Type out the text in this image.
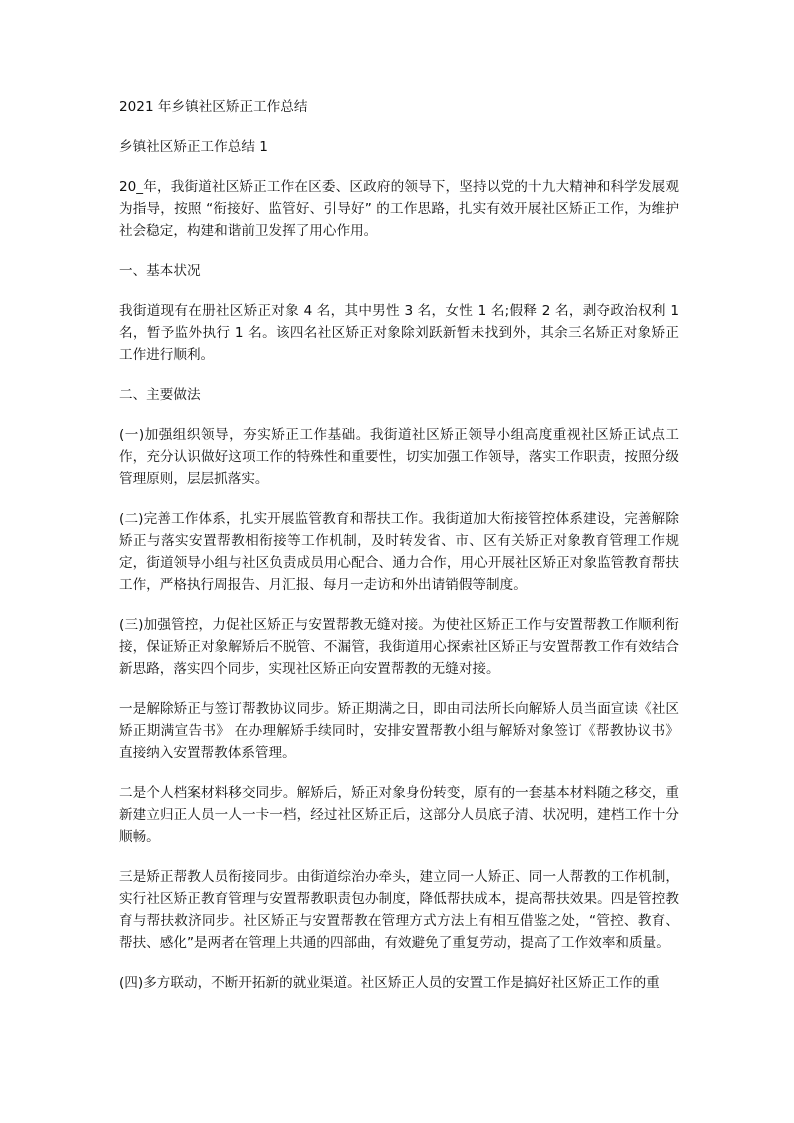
2021 年乡镇社区矫正工作总结

乡镇社区矫正工作总结 1

20_年，我街道社区矫正工作在区委、区政府的领导下，坚持以党的十九大精神和科学发展观为指导，按照 “衔接好、监管好、引导好” 的工作思路，扎实有效开展社区矫正工作，为维护社会稳定，构建和谐前卫发挥了用心作用。

一、基本状况

我街道现有在册社区矫正对象 4 名，其中男性 3 名，女性 1 名;假释 2 名，剥夺政治权利 1 名，暂予监外执行 1 名。该四名社区矫正对象除刘跃新暂未找到外，其余三名矫正对象矫正工作进行顺利。

二、主要做法

(一)加强组织领导，夯实矫正工作基础。我街道社区矫正领导小组高度重视社区矫正试点工作，充分认识做好这项工作的特殊性和重要性，切实加强工作领导，落实工作职责，按照分级管理原则，层层抓落实。

(二)完善工作体系，扎实开展监管教育和帮扶工作。我街道加大衔接管控体系建设，完善解除矫正与落实安置帮教相衔接等工作机制，及时转发省、市、区有关矫正对象教育管理工作规定，街道领导小组与社区负责成员用心配合、通力合作，用心开展社区矫正对象监管教育帮扶工作，严格执行周报告、月汇报、每月一走访和外出请销假等制度。

(三)加强管控，力促社区矫正与安置帮教无缝对接。为使社区矫正工作与安置帮教工作顺利衔接，保证矫正对象解矫后不脱管、不漏管，我街道用心探索社区矫正与安置帮教工作有效结合新思路，落实四个同步，实现社区矫正向安置帮教的无缝对接。

一是解除矫正与签订帮教协议同步。矫正期满之日，即由司法所长向解矫人员当面宣读《社区矫正期满宣告书》 在办理解矫手续同时，安排安置帮教小组与解矫对象签订《帮教协议书》 直接纳入安置帮教体系管理。

二是个人档案材料移交同步。解矫后，矫正对象身份转变，原有的一套基本材料随之移交，重新建立归正人员一人一卡一档，经过社区矫正后，这部分人员底子清、状况明，建档工作十分顺畅。

三是矫正帮教人员衔接同步。由街道综治办牵头，建立同一人矫正、同一人帮教的工作机制，实行社区矫正教育管理与安置帮教职责包办制度，降低帮扶成本，提高帮扶效果。四是管控教育与帮扶救济同步。社区矫正与安置帮教在管理方式方法上有相互借鉴之处，“管控、教育、帮扶、感化”是两者在管理上共通的四部曲，有效避免了重复劳动，提高了工作效率和质量。

(四)多方联动，不断开拓新的就业渠道。社区矫正人员的安置工作是搞好社区矫正工作的重
